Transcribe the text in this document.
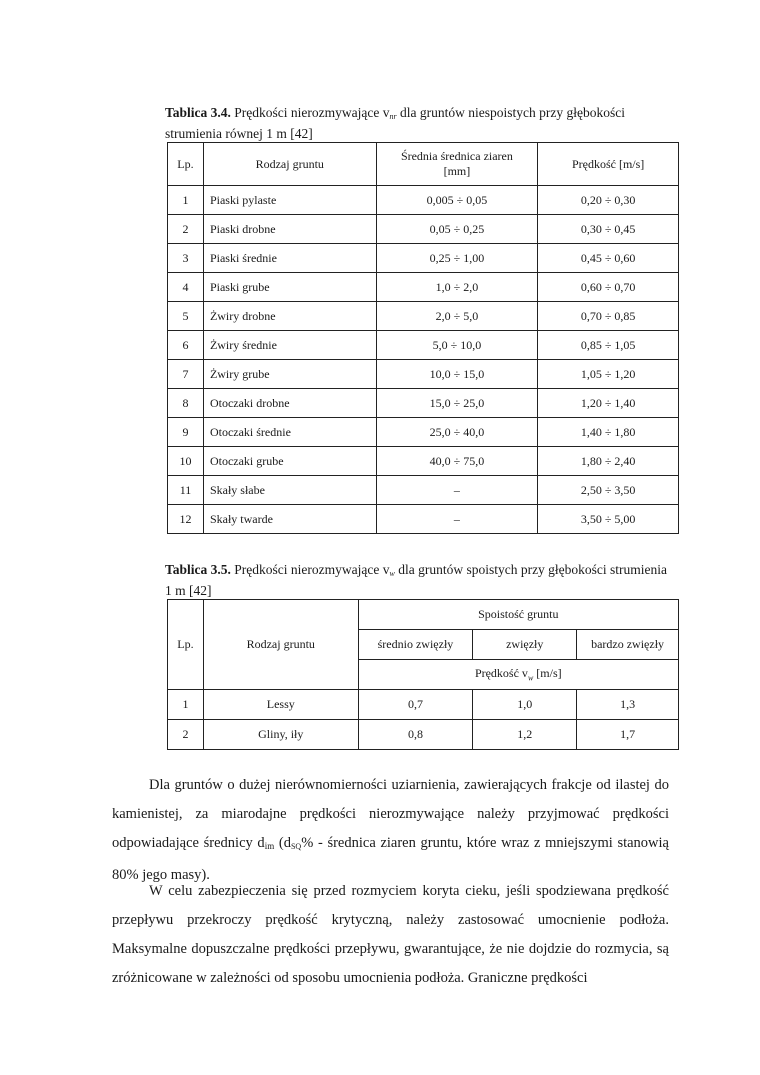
Tablica 3.4. Prędkości nierozmywające $v_{nr}$ dla gruntów niespoistych przy głębokości strumienia równej 1 m [42]
Lp.	Rodzaj gruntu	Średnia średnica ziaren [mm]	Prędkość [m/s]
1	Piaski pylaste	0,005 ÷ 0,05	0,20 ÷ 0,30
2	Piaski drobne	0,05 ÷ 0,25	0,30 ÷ 0,45
3	Piaski średnie	0,25 ÷ 1,00	0,45 ÷ 0,60
4	Piaski grube	1,0 ÷ 2,0	0,60 ÷ 0,70
5	Żwiry drobne	2,0 ÷ 5,0	0,70 ÷ 0,85
6	Żwiry średnie	5,0 ÷ 10,0	0,85 ÷ 1,05
7	Żwiry grube	10,0 ÷ 15,0	1,05 ÷ 1,20
8	Otoczaki drobne	15,0 ÷ 25,0	1,20 ÷ 1,40
9	Otoczaki średnie	25,0 ÷ 40,0	1,40 ÷ 1,80
10	Otoczaki grube	40,0 ÷ 75,0	1,80 ÷ 2,40
11	Skały słabe	–	2,50 ÷ 3,50
12	Skały twarde	–	3,50 ÷ 5,00
Tablica 3.5. Prędkości nierozmywające $v_w$ dla gruntów spoistych przy głębokości strumienia 1 m [42]
Lp.	Rodzaj gruntu	Spoistość gruntu		
		średnio zwięzły	zwięzły	bardzo zwięzły
		Prędkość $v_w$ [m/s]		
1	Lessy	0,7	1,0	1,3
2	Gliny, iły	0,8	1,2	1,7

Dla gruntów o dużej nierównomierności uziarnienia, zawierających frakcje od ilastej do kamienistej, za miarodajne prędkości nierozmywające należy przyjmować prędkości odpowiadające średnicy $d_{im}$ ($d_{SQ}\%$ - średnica ziaren gruntu, które wraz z mniejszymi stanowią 80% jego masy).

W celu zabezpieczenia się przed rozmyciem koryta cieku, jeśli spodziewana prędkość przepływu przekroczy prędkość krytyczną, należy zastosować umocnienie podłoża. Maksymalne dopuszczalne prędkości przepływu, gwarantujące, że nie dojdzie do rozmycia, są zróżnicowane w zależności od sposobu umocnienia podłoża. Graniczne prędkości
